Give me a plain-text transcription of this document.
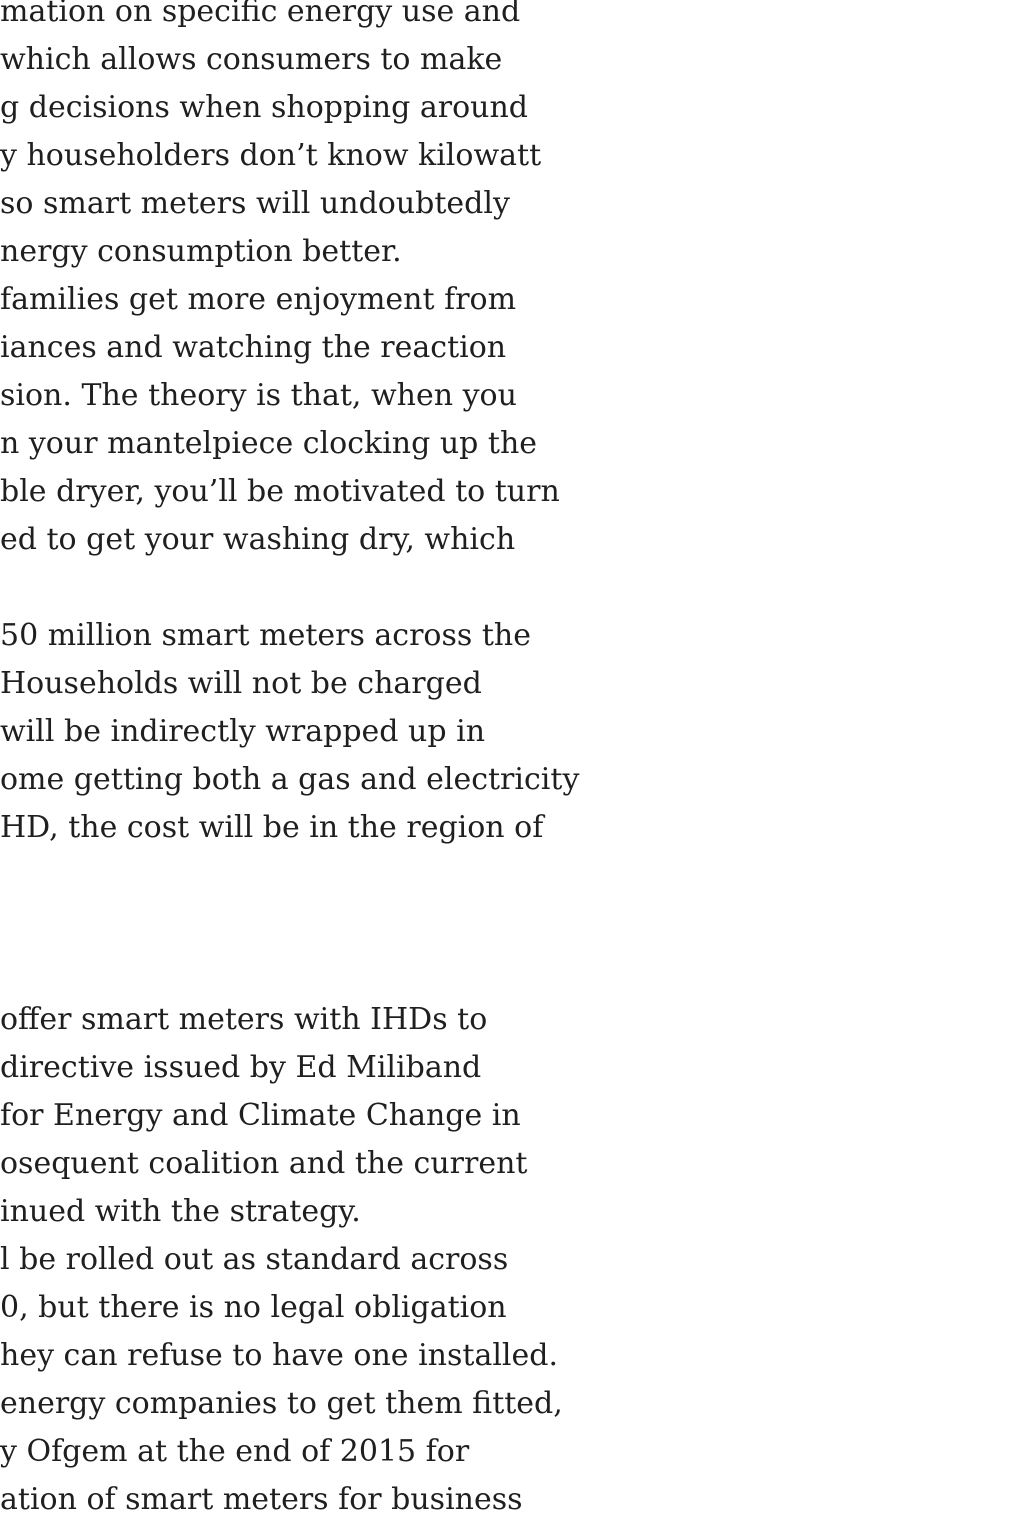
mation on specific energy use and
which allows consumers to make
g decisions when shopping around
y householders don’t know kilowatt
so smart meters will undoubtedly
nergy consumption better.
families get more enjoyment from
iances and watching the reaction
sion. The theory is that, when you
n your mantelpiece clocking up the
ble dryer, you’ll be motivated to turn
ed to get your washing dry, which
50 million smart meters across the
Households will not be charged
will be indirectly wrapped up in
ome getting both a gas and electricity
HD, the cost will be in the region of
offer smart meters with IHDs to
directive issued by Ed Miliband
for Energy and Climate Change in
osequent coalition and the current
inued with the strategy.
l be rolled out as standard across
0, but there is no legal obligation
hey can refuse to have one installed.
energy companies to get them fitted,
y Ofgem at the end of 2015 for
ation of smart meters for business
